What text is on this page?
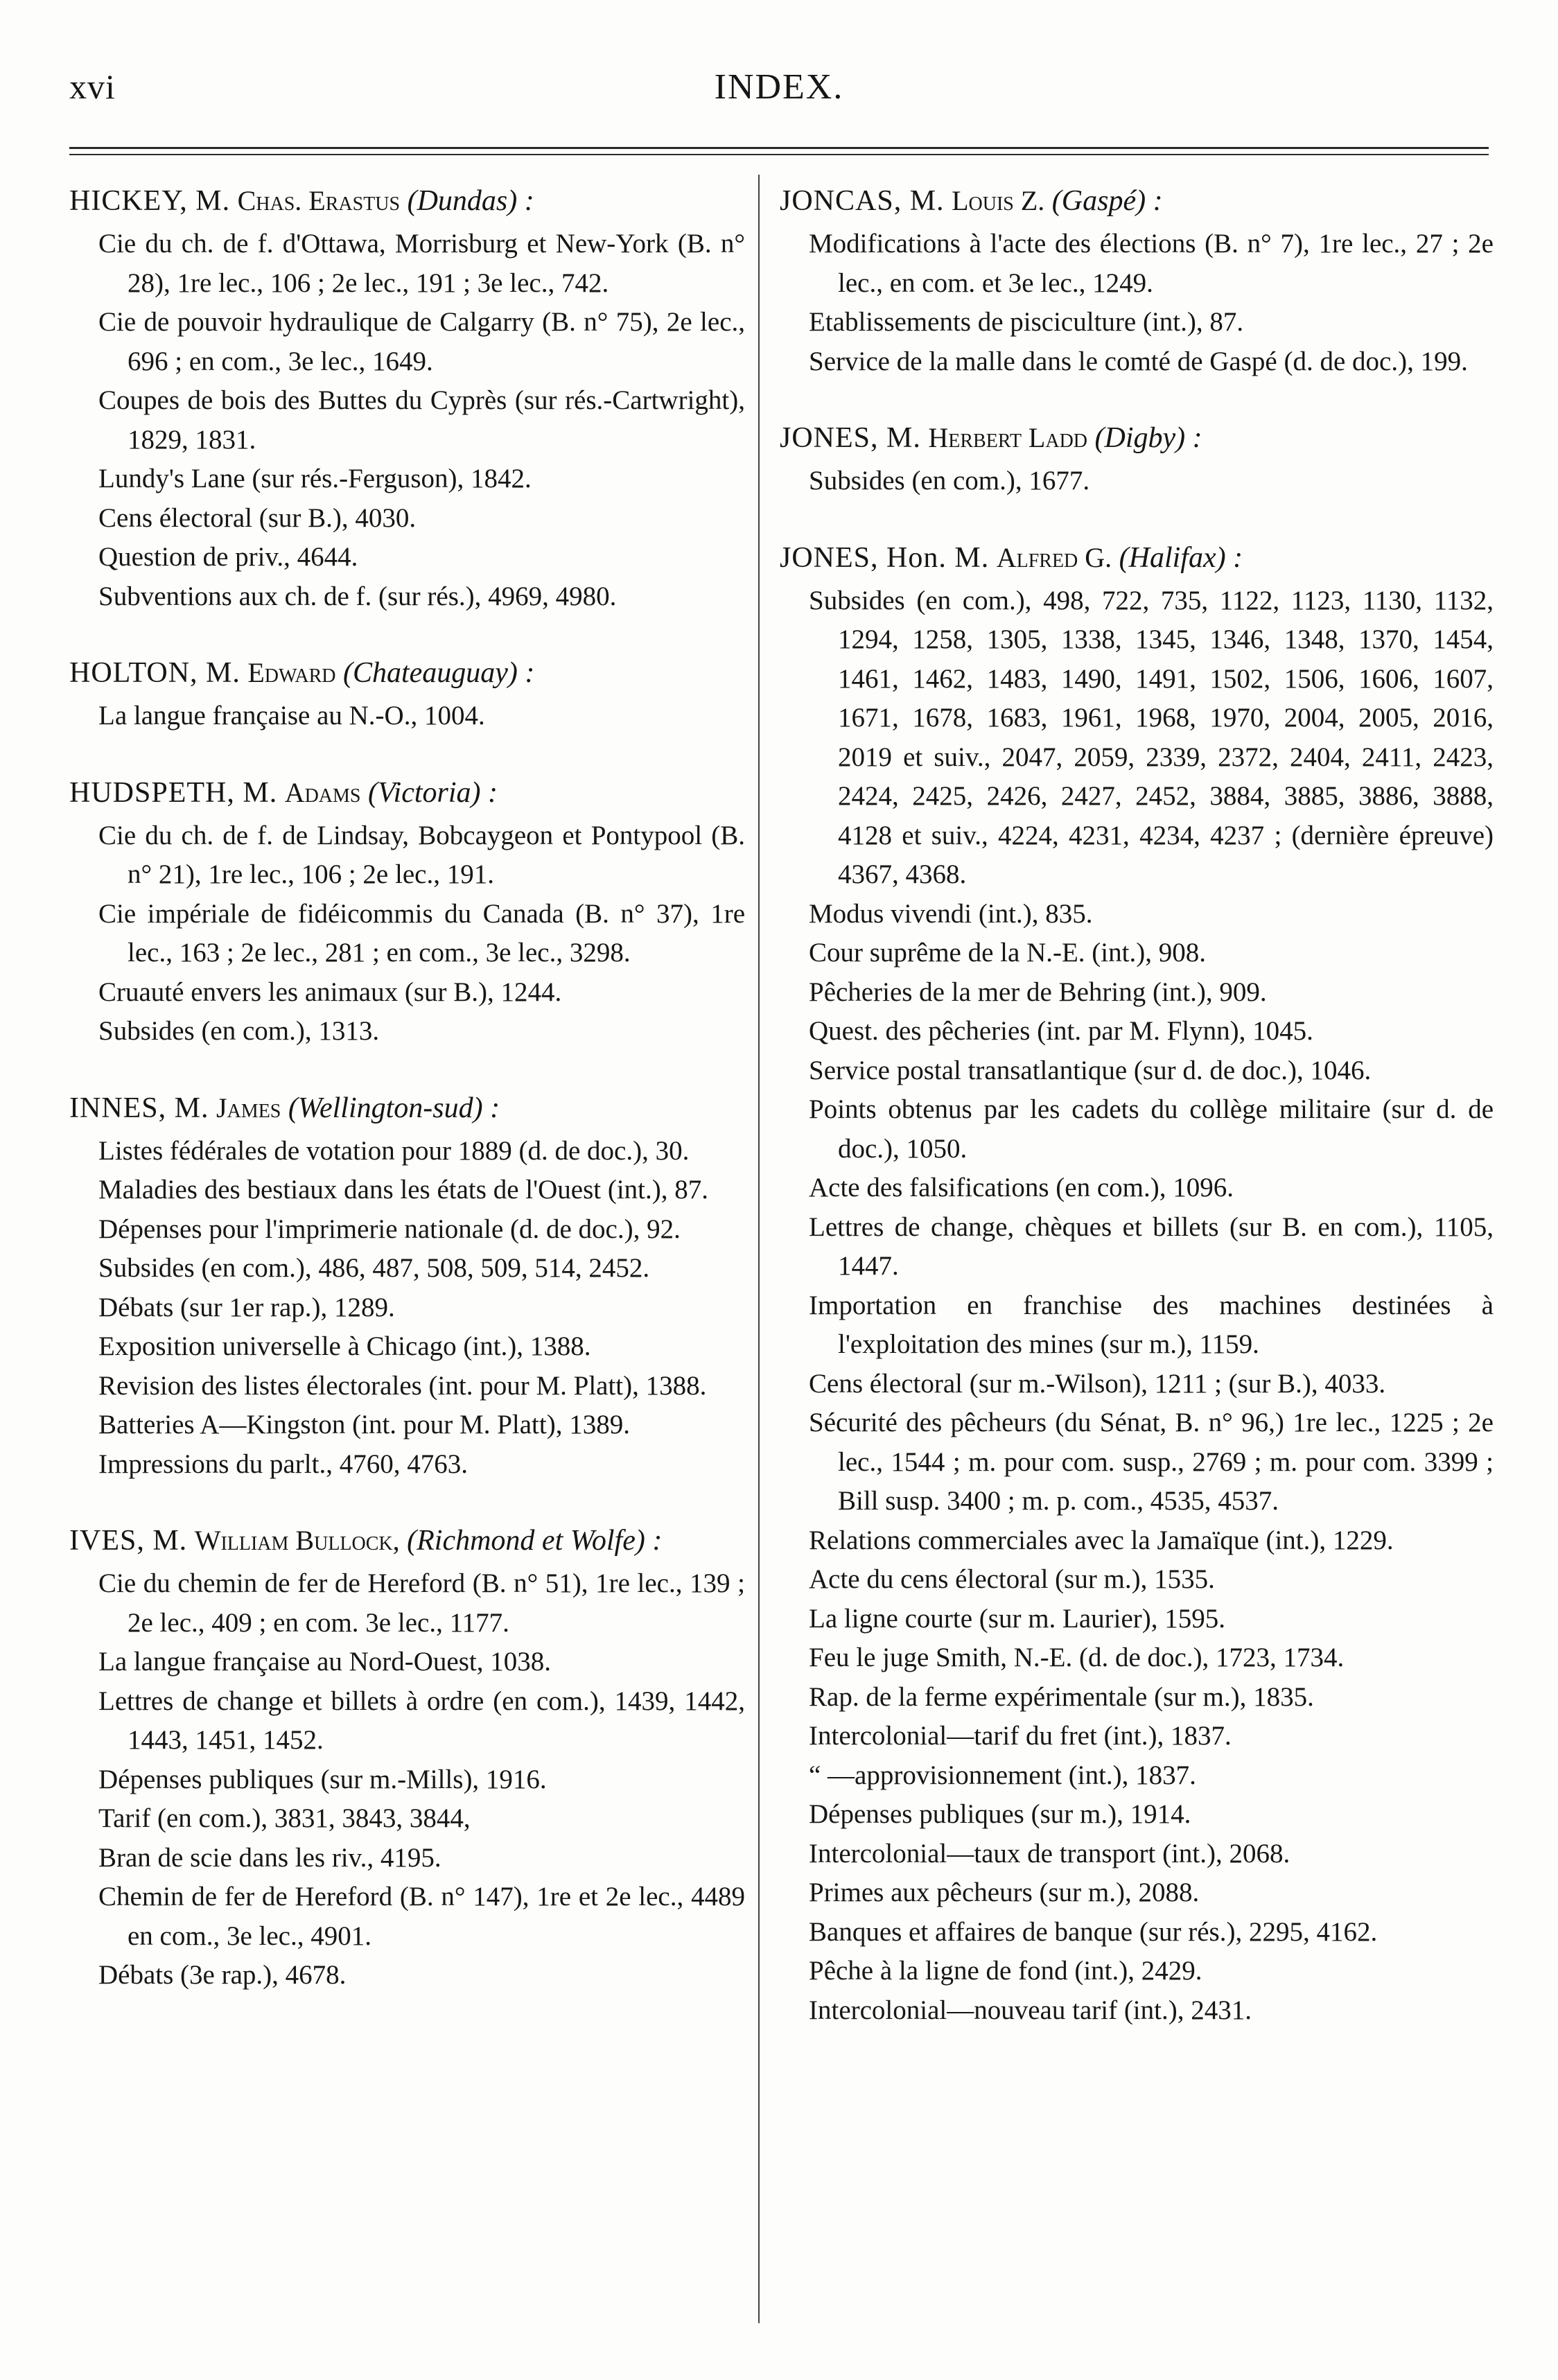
xvi	INDEX.
HICKEY, M. Chas. Erastus (Dundas) :
Cie du ch. de f. d'Ottawa, Morrisburg et New-York (B. n° 28), 1re lec., 106 ; 2e lec., 191 ; 3e lec., 742.
Cie de pouvoir hydraulique de Calgarry (B. n° 75), 2e lec., 696 ; en com., 3e lec., 1649.
Coupes de bois des Buttes du Cyprès (sur rés.-Cartwright), 1829, 1831.
Lundy's Lane (sur rés.-Ferguson), 1842.
Cens électoral (sur B.), 4030.
Question de priv., 4644.
Subventions aux ch. de f. (sur rés.), 4969, 4980.
HOLTON, M. Edward (Chateauguay) :
La langue française au N.-O., 1004.
HUDSPETH, M. Adams (Victoria) :
Cie du ch. de f. de Lindsay, Bobcaygeon et Pontypool (B. n° 21), 1re lec., 106 ; 2e lec., 191.
Cie impériale de fidéicommis du Canada (B. n° 37), 1re lec., 163 ; 2e lec., 281 ; en com., 3e lec., 3298.
Cruauté envers les animaux (sur B.), 1244.
Subsides (en com.), 1313.
INNES, M. James (Wellington-sud) :
Listes fédérales de votation pour 1889 (d. de doc.), 30.
Maladies des bestiaux dans les états de l'Ouest (int.), 87.
Dépenses pour l'imprimerie nationale (d. de doc.), 92.
Subsides (en com.), 486, 487, 508, 509, 514, 2452.
Débats (sur 1er rap.), 1289.
Exposition universelle à Chicago (int.), 1388.
Revision des listes électorales (int. pour M. Platt), 1388.
Batteries A—Kingston (int. pour M. Platt), 1389.
Impressions du parlt., 4760, 4763.
IVES, M. William Bullock, (Richmond et Wolfe) :
Cie du chemin de fer de Hereford (B. n° 51), 1re lec., 139 ; 2e lec., 409 ; en com. 3e lec., 1177.
La langue française au Nord-Ouest, 1038.
Lettres de change et billets à ordre (en com.), 1439, 1442, 1443, 1451, 1452.
Dépenses publiques (sur m.-Mills), 1916.
Tarif (en com.), 3831, 3843, 3844,
Bran de scie dans les riv., 4195.
Chemin de fer de Hereford (B. n° 147), 1re et 2e lec., 4489 en com., 3e lec., 4901.
Débats (3e rap.), 4678.
JONCAS, M. Louis Z. (Gaspé) :
Modifications à l'acte des élections (B. n° 7), 1re lec., 27 ; 2e lec., en com. et 3e lec., 1249.
Etablissements de pisciculture (int.), 87.
Service de la malle dans le comté de Gaspé (d. de doc.), 199.
JONES, M. Herbert Ladd (Digby) :
Subsides (en com.), 1677.
JONES, Hon. M. Alfred G. (Halifax) :
Subsides (en com.), 498, 722, 735, 1122, 1123, 1130, 1132, 1294, 1258, 1305, 1338, 1345, 1346, 1348, 1370, 1454, 1461, 1462, 1483, 1490, 1491, 1502, 1506, 1606, 1607, 1671, 1678, 1683, 1961, 1968, 1970, 2004, 2005, 2016, 2019 et suiv., 2047, 2059, 2339, 2372, 2404, 2411, 2423, 2424, 2425, 2426, 2427, 2452, 3884, 3885, 3886, 3888, 4128 et suiv., 4224, 4231, 4234, 4237 ; (dernière épreuve) 4367, 4368.
Modus vivendi (int.), 835.
Cour suprême de la N.-E. (int.), 908.
Pêcheries de la mer de Behring (int.), 909.
Quest. des pêcheries (int. par M. Flynn), 1045.
Service postal transatlantique (sur d. de doc.), 1046.
Points obtenus par les cadets du collège militaire (sur d. de doc.), 1050.
Acte des falsifications (en com.), 1096.
Lettres de change, chèques et billets (sur B. en com.), 1105, 1447.
Importation en franchise des machines destinées à l'exploitation des mines (sur m.), 1159.
Cens électoral (sur m.-Wilson), 1211 ; (sur B.), 4033.
Sécurité des pêcheurs (du Sénat, B. n° 96,) 1re lec., 1225 ; 2e lec., 1544 ; m. pour com. susp., 2769 ; m. pour com. 3399 ; Bill susp. 3400 ; m. p. com., 4535, 4537.
Relations commerciales avec la Jamaïque (int.), 1229.
Acte du cens électoral (sur m.), 1535.
La ligne courte (sur m. Laurier), 1595.
Feu le juge Smith, N.-E. (d. de doc.), 1723, 1734.
Rap. de la ferme expérimentale (sur m.), 1835.
Intercolonial—tarif du fret (int.), 1837.
“ —approvisionnement (int.), 1837.
Dépenses publiques (sur m.), 1914.
Intercolonial—taux de transport (int.), 2068.
Primes aux pêcheurs (sur m.), 2088.
Banques et affaires de banque (sur rés.), 2295, 4162.
Pêche à la ligne de fond (int.), 2429.
Intercolonial—nouveau tarif (int.), 2431.
